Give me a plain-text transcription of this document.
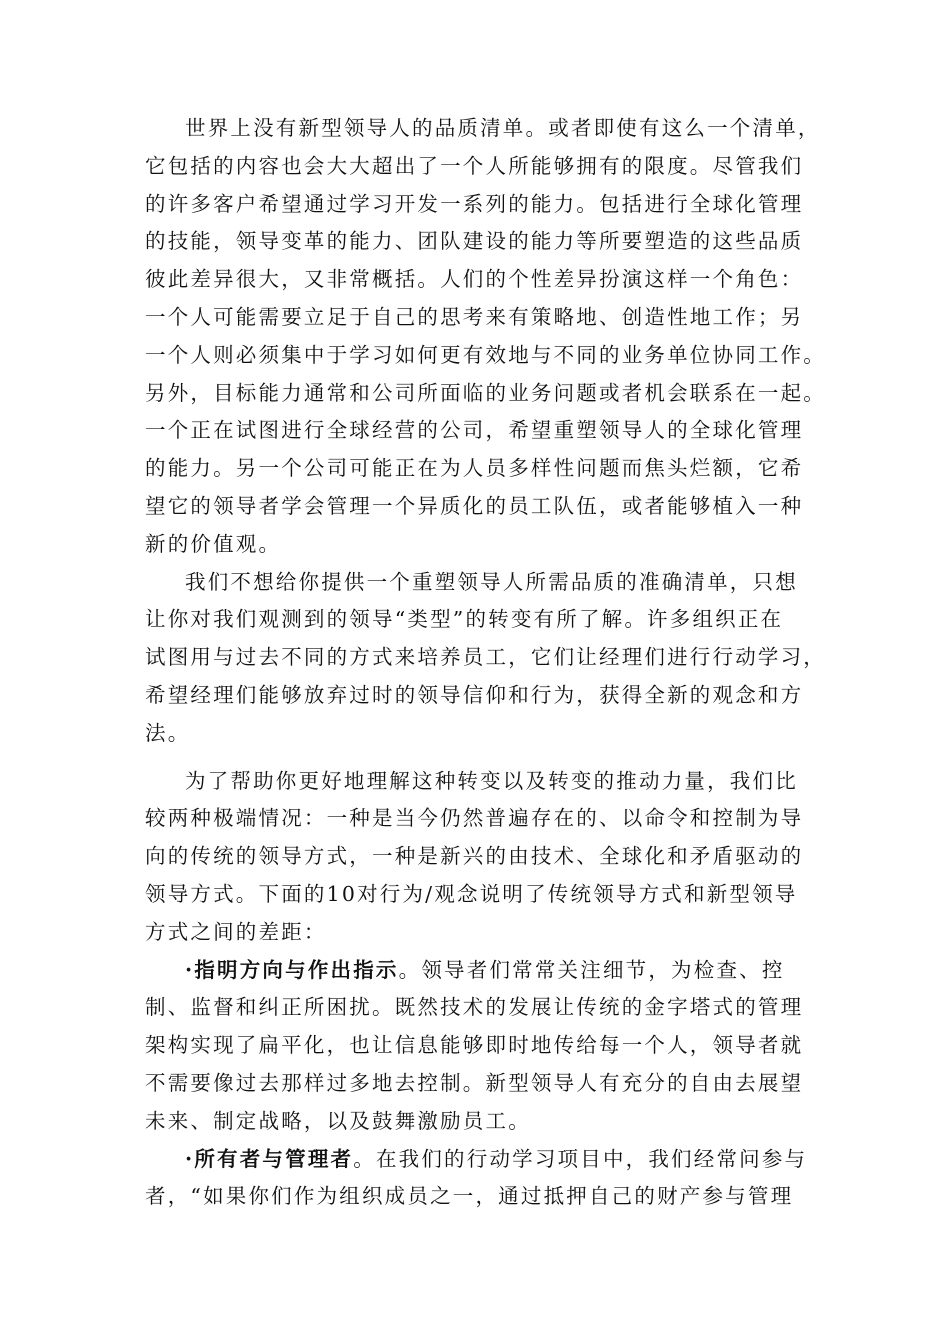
世界上没有新型领导人的品质清单。或者即使有这么一个清单，
它包括的内容也会大大超出了一个人所能够拥有的限度。尽管我们
的许多客户希望通过学习开发一系列的能力。包括进行全球化管理
的技能，领导变革的能力、团队建设的能力等所要塑造的这些品质
彼此差异很大，又非常概括。人们的个性差异扮演这样一个角色：
一个人可能需要立足于自己的思考来有策略地、创造性地工作；另
一个人则必须集中于学习如何更有效地与不同的业务单位协同工作。
另外，目标能力通常和公司所面临的业务问题或者机会联系在一起。
一个正在试图进行全球经营的公司，希望重塑领导人的全球化管理
的能力。另一个公司可能正在为人员多样性问题而焦头烂额，它希
望它的领导者学会管理一个异质化的员工队伍，或者能够植入一种
新的价值观。
我们不想给你提供一个重塑领导人所需品质的准确清单，只想
让你对我们观测到的领导“类型”的转变有所了解。许多组织正在
试图用与过去不同的方式来培养员工，它们让经理们进行行动学习，
希望经理们能够放弃过时的领导信仰和行为，获得全新的观念和方
法。
为了帮助你更好地理解这种转变以及转变的推动力量，我们比
较两种极端情况：一种是当今仍然普遍存在的、以命令和控制为导
向的传统的领导方式，一种是新兴的由技术、全球化和矛盾驱动的
领导方式。下面的10对行为/观念说明了传统领导方式和新型领导
方式之间的差距：
·指明方向与作出指示。领导者们常常关注细节，为检查、控
制、监督和纠正所困扰。既然技术的发展让传统的金字塔式的管理
架构实现了扁平化，也让信息能够即时地传给每一个人，领导者就
不需要像过去那样过多地去控制。新型领导人有充分的自由去展望
未来、制定战略，以及鼓舞激励员工。
·所有者与管理者。在我们的行动学习项目中，我们经常问参与
者，“如果你们作为组织成员之一，通过抵押自己的财产参与管理
